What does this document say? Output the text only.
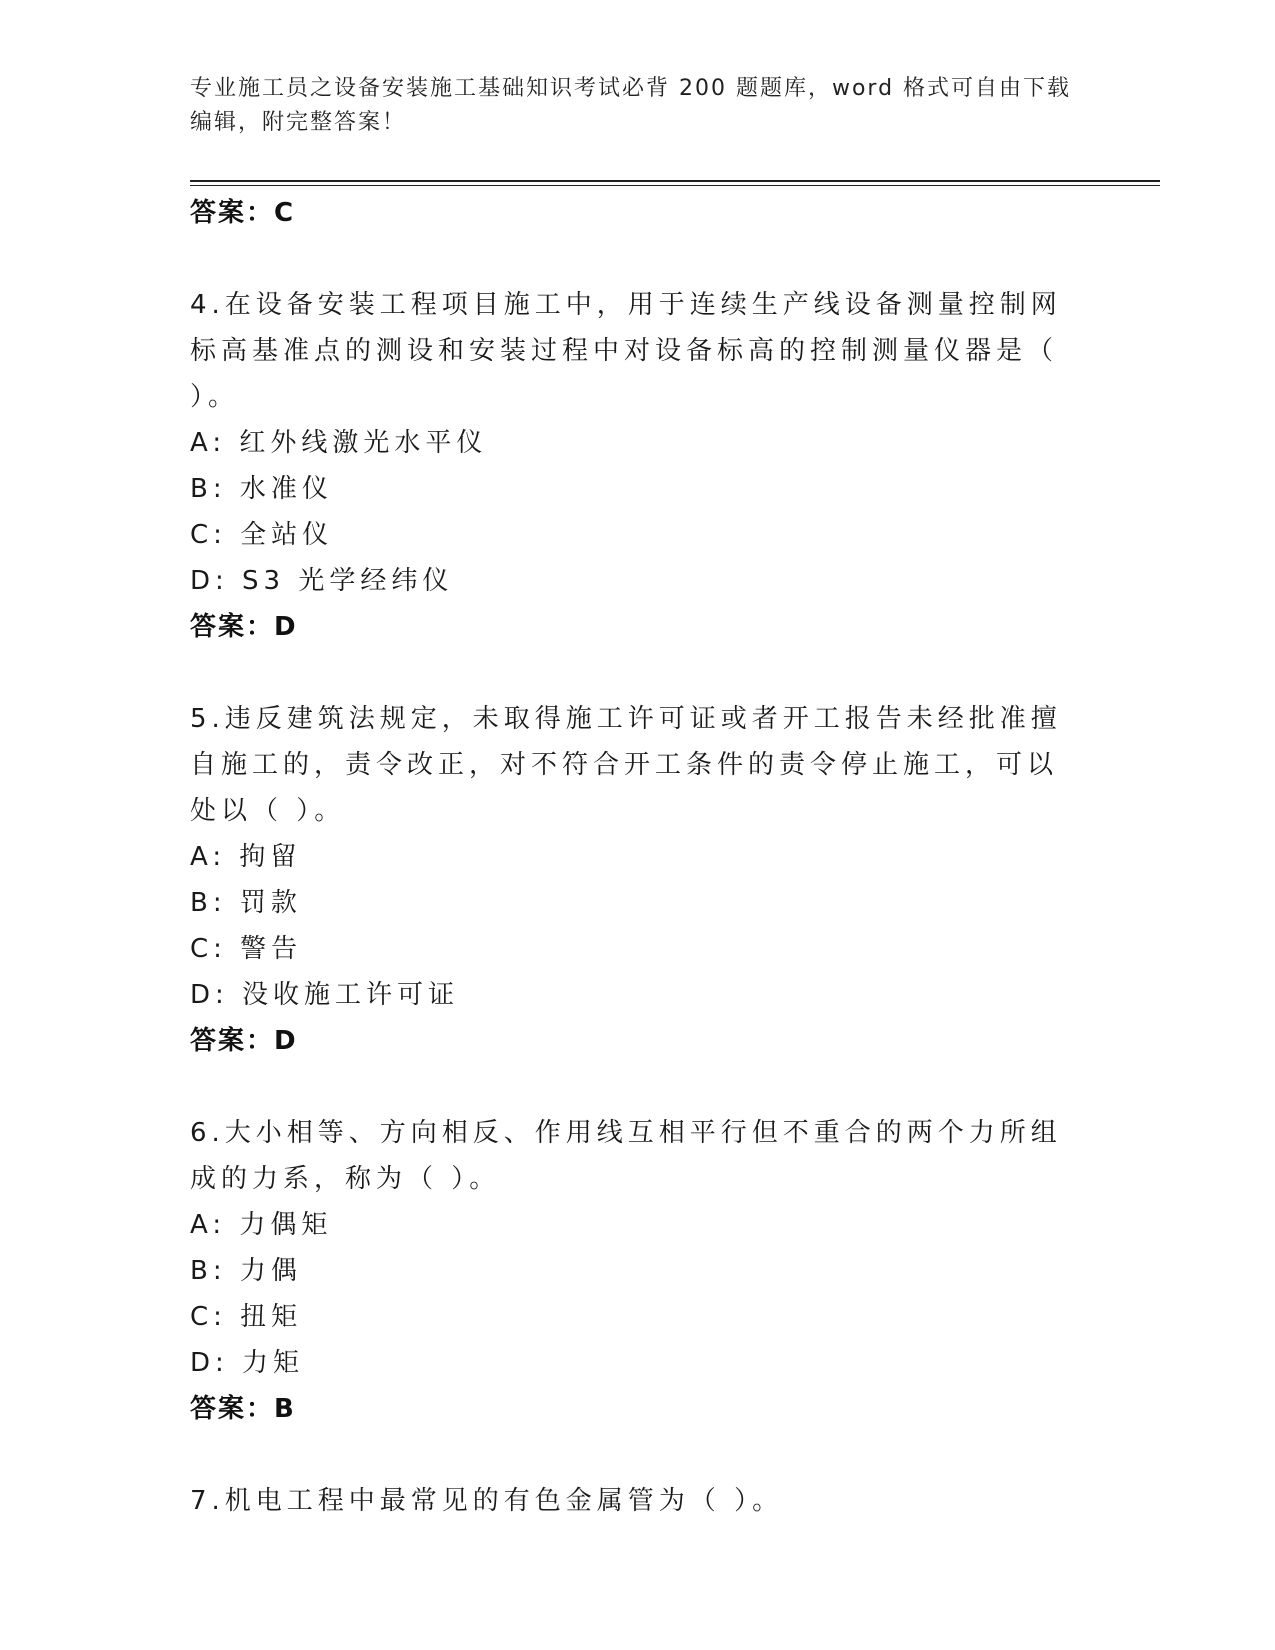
专业施工员之设备安装施工基础知识考试必背 200 题题库，word 格式可自由下载
编辑，附完整答案！
答案：C
4.在设备安装工程项目施工中，用于连续生产线设备测量控制网标高基准点的测设和安装过程中对设备标高的控制测量仪器是（ ）。
A: 红外线激光水平仪
B: 水准仪
C: 全站仪
D: S3 光学经纬仪
答案：D
5.违反建筑法规定，未取得施工许可证或者开工报告未经批准擅自施工的，责令改正，对不符合开工条件的责令停止施工，可以处以（ ）。
A: 拘留
B: 罚款
C: 警告
D: 没收施工许可证
答案：D
6.大小相等、方向相反、作用线互相平行但不重合的两个力所组成的力系，称为（ ）。
A: 力偶矩
B: 力偶
C: 扭矩
D: 力矩
答案：B
7.机电工程中最常见的有色金属管为（ ）。
